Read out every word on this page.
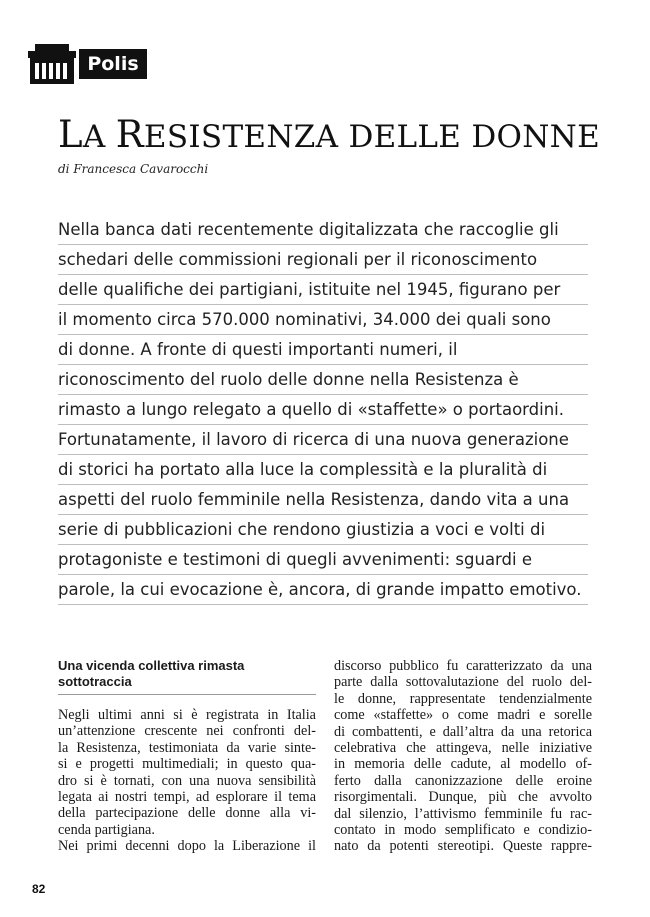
Polis
LA RESISTENZA DELLE DONNE
di Francesca Cavarocchi
Nella banca dati recentemente digitalizzata che raccoglie gli
schedari delle commissioni regionali per il riconoscimento
delle qualifiche dei partigiani, istituite nel 1945, figurano per
il momento circa 570.000 nominativi, 34.000 dei quali sono
di donne. A fronte di questi importanti numeri, il
riconoscimento del ruolo delle donne nella Resistenza è
rimasto a lungo relegato a quello di «staffette» o portaordini.
Fortunatamente, il lavoro di ricerca di una nuova generazione
di storici ha portato alla luce la complessità e la pluralità di
aspetti del ruolo femminile nella Resistenza, dando vita a una
serie di pubblicazioni che rendono giustizia a voci e volti di
protagoniste e testimoni di quegli avvenimenti: sguardi e
parole, la cui evocazione è, ancora, di grande impatto emotivo.
Una vicenda collettiva rimasta
sottotraccia
Negli ultimi anni si è registrata in Italia
un’attenzione crescente nei confronti del-
la Resistenza, testimoniata da varie sinte-
si e progetti multimediali; in questo qua-
dro si è tornati, con una nuova sensibilità
legata ai nostri tempi, ad esplorare il tema
della partecipazione delle donne alla vi-
cenda partigiana.
Nei primi decenni dopo la Liberazione il
discorso pubblico fu caratterizzato da una
parte dalla sottovalutazione del ruolo del-
le donne, rappresentate tendenzialmente
come «staffette» o come madri e sorelle
di combattenti, e dall’altra da una retorica
celebrativa che attingeva, nelle iniziative
in memoria delle cadute, al modello of-
ferto dalla canonizzazione delle eroine
risorgimentali. Dunque, più che avvolto
dal silenzio, l’attivismo femminile fu rac-
contato in modo semplificato e condizio-
nato da potenti stereotipi. Queste rappre-
82
